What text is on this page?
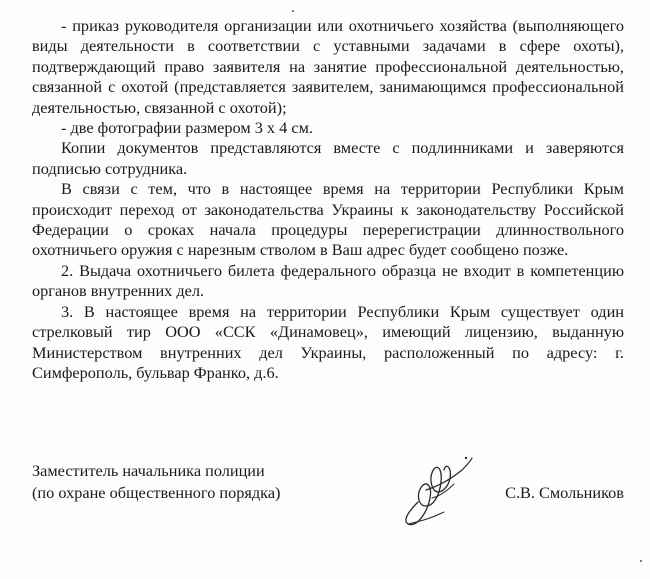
- приказ руководителя организации или охотничьего хозяйства (выполняющего виды деятельности в соответствии с уставными задачами в сфере охоты), подтверждающий право заявителя на занятие профессиональной деятельностью, связанной с охотой (представляется заявителем, занимающимся профессиональной деятельностью, связанной с охотой);

- две фотографии размером 3 х 4 см.

Копии документов представляются вместе с подлинниками и заверяются подписью сотрудника.

В связи с тем, что в настоящее время на территории Республики Крым происходит переход от законодательства Украины к законодательству Российской Федерации о сроках начала процедуры перерегистрации длинноствольного охотничьего оружия с нарезным стволом в Ваш адрес будет сообщено позже.

2. Выдача охотничьего билета федерального образца не входит в компетенцию органов внутренних дел.

3. В настоящее время на территории Республики Крым существует один стрелковый тир ООО «ССК «Динамовец», имеющий лицензию, выданную Министерством внутренних дел Украины, расположенный по адресу: г. Симферополь, бульвар Франко, д.6.

Заместитель начальника полиции
(по охране общественного порядка)	С.В. Смольников
